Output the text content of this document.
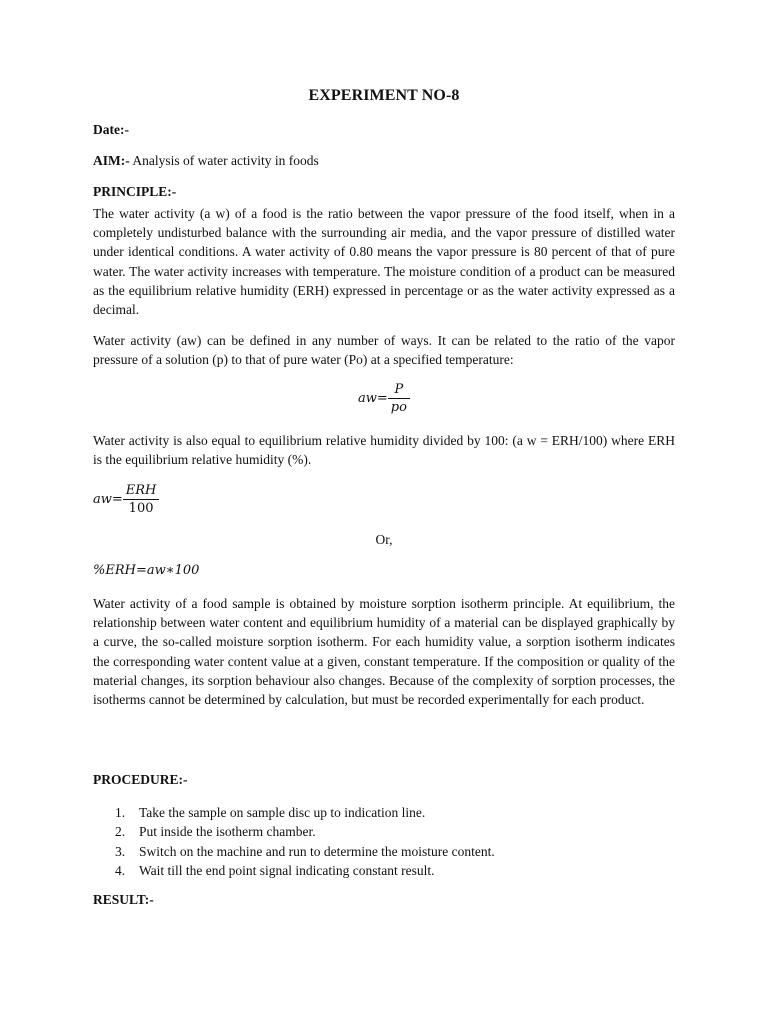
EXPERIMENT NO-8
Date:-
AIM:- Analysis of water activity in foods
PRINCIPLE:-

The water activity (a w) of a food is the ratio between the vapor pressure of the food itself, when in a completely undisturbed balance with the surrounding air media, and the vapor pressure of distilled water under identical conditions. A water activity of 0.80 means the vapor pressure is 80 percent of that of pure water. The water activity increases with temperature. The moisture condition of a product can be measured as the equilibrium relative humidity (ERH) expressed in percentage or as the water activity expressed as a decimal.

Water activity (aw) can be defined in any number of ways. It can be related to the ratio of the vapor pressure of a solution (p) to that of pure water (Po) at a specified temperature:

$aw= \frac{P}{po}$

Water activity is also equal to equilibrium relative humidity divided by 100: (a w = ERH/100) where ERH is the equilibrium relative humidity (%).

$aw= \frac{\text{ERH}}{100}$
Or,
%ERH=aw∗100

Water activity of a food sample is obtained by moisture sorption isotherm principle. At equilibrium, the relationship between water content and equilibrium humidity of a material can be displayed graphically by a curve, the so-called moisture sorption isotherm. For each humidity value, a sorption isotherm indicates the corresponding water content value at a given, constant temperature. If the composition or quality of the material changes, its sorption behaviour also changes. Because of the complexity of sorption processes, the isotherms cannot be determined by calculation, but must be recorded experimentally for each product.

PROCEDURE:-
1. Take the sample on sample disc up to indication line.
2. Put inside the isotherm chamber.
3. Switch on the machine and run to determine the moisture content.
4. Wait till the end point signal indicating constant result.
RESULT:-
